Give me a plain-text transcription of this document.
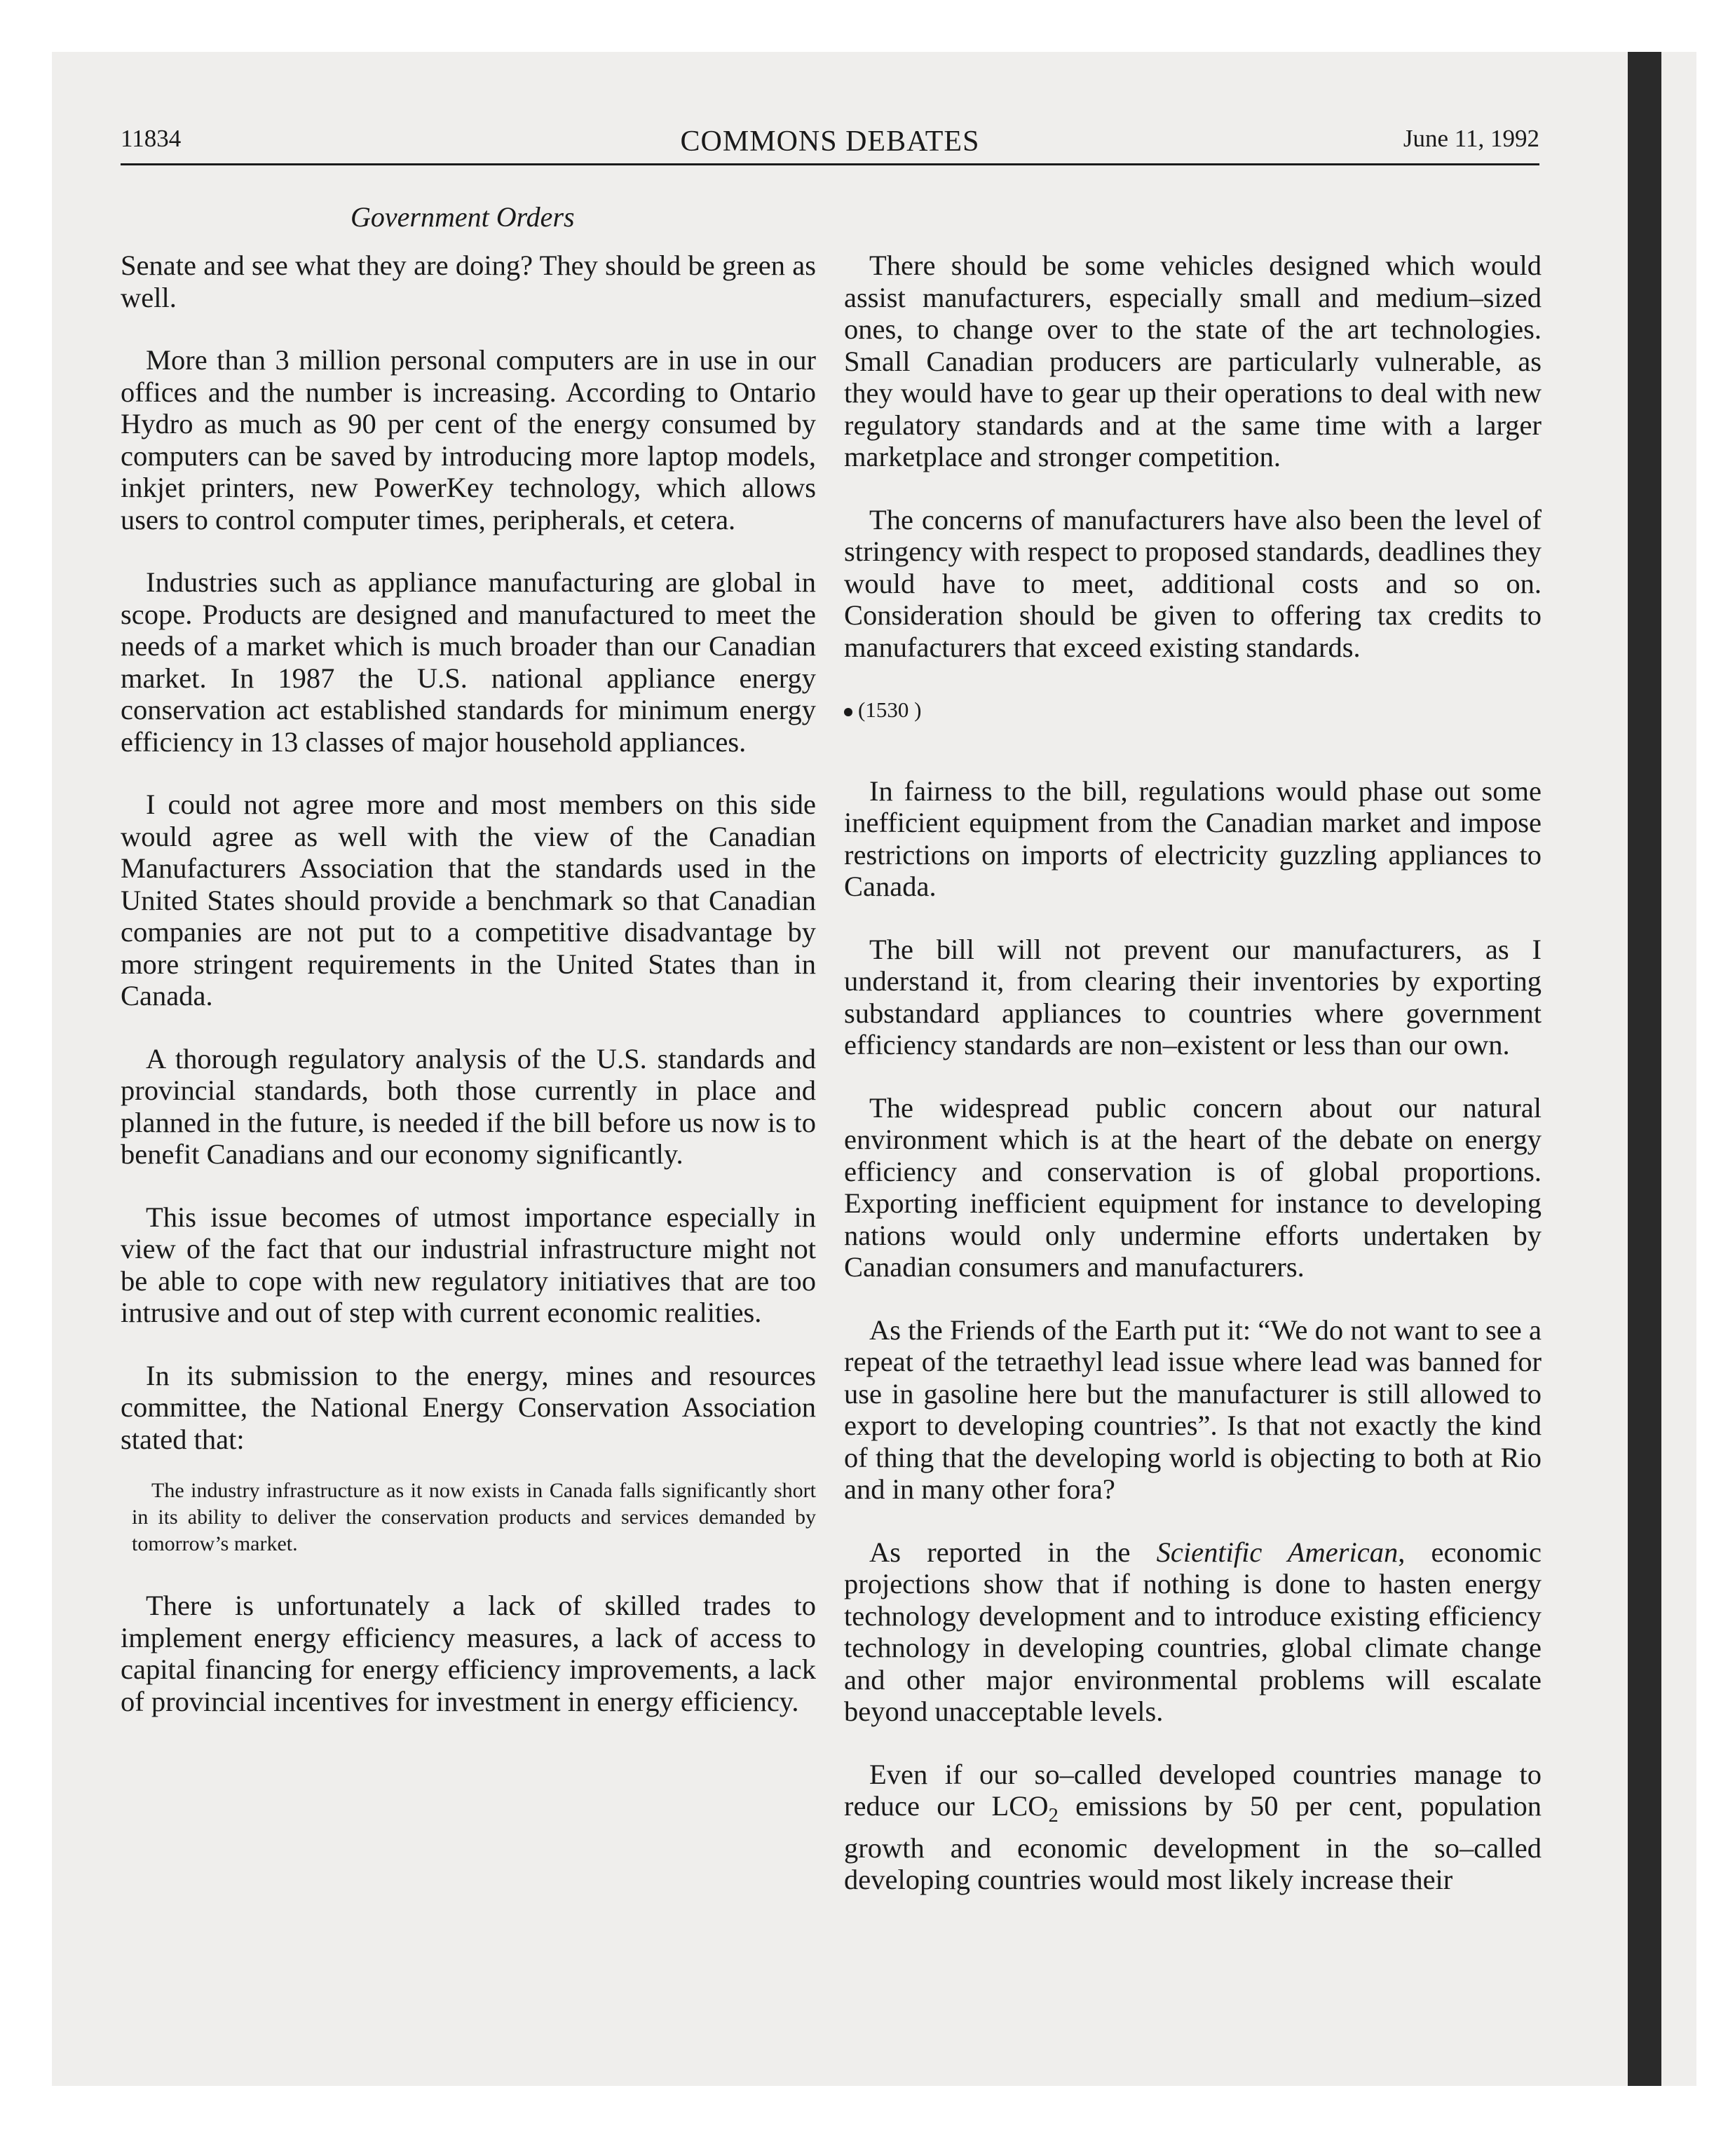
11834	COMMONS DEBATES	June 11, 1992
Government Orders

Senate and see what they are doing? They should be green as well.

More than 3 million personal computers are in use in our offices and the number is increasing. According to Ontario Hydro as much as 90 per cent of the energy consumed by computers can be saved by introducing more laptop models, inkjet printers, new PowerKey technology, which allows users to control computer times, peripherals, et cetera.

Industries such as appliance manufacturing are global in scope. Products are designed and manufactured to meet the needs of a market which is much broader than our Canadian market. In 1987 the U.S. national appliance energy conservation act established standards for minimum energy efficiency in 13 classes of major household appliances.

I could not agree more and most members on this side would agree as well with the view of the Canadian Manufacturers Association that the standards used in the United States should provide a benchmark so that Canadian companies are not put to a competitive disadvantage by more stringent requirements in the United States than in Canada.

A thorough regulatory analysis of the U.S. standards and provincial standards, both those currently in place and planned in the future, is needed if the bill before us now is to benefit Canadians and our economy significantly.

This issue becomes of utmost importance especially in view of the fact that our industrial infrastructure might not be able to cope with new regulatory initiatives that are too intrusive and out of step with current economic realities.

In its submission to the energy, mines and resources committee, the National Energy Conservation Association stated that:

The industry infrastructure as it now exists in Canada falls significantly short in its ability to deliver the conservation products and services demanded by tomorrow’s market.

There is unfortunately a lack of skilled trades to implement energy efficiency measures, a lack of access to capital financing for energy efficiency improvements, a lack of provincial incentives for investment in energy efficiency.

There should be some vehicles designed which would assist manufacturers, especially small and medium–sized ones, to change over to the state of the art technologies. Small Canadian producers are particularly vulnerable, as they would have to gear up their operations to deal with new regulatory standards and at the same time with a larger marketplace and stronger competition.

The concerns of manufacturers have also been the level of stringency with respect to proposed standards, deadlines they would have to meet, additional costs and so on. Consideration should be given to offering tax credits to manufacturers that exceed existing standards.

(1530 )

In fairness to the bill, regulations would phase out some inefficient equipment from the Canadian market and impose restrictions on imports of electricity guzzling appliances to Canada.

The bill will not prevent our manufacturers, as I understand it, from clearing their inventories by exporting substandard appliances to countries where government efficiency standards are non–existent or less than our own.

The widespread public concern about our natural environment which is at the heart of the debate on energy efficiency and conservation is of global proportions. Exporting inefficient equipment for instance to developing nations would only undermine efforts undertaken by Canadian consumers and manufacturers.

As the Friends of the Earth put it: “We do not want to see a repeat of the tetraethyl lead issue where lead was banned for use in gasoline here but the manufacturer is still allowed to export to developing countries”. Is that not exactly the kind of thing that the developing world is objecting to both at Rio and in many other fora?

As reported in the Scientific American, economic projections show that if nothing is done to hasten energy technology development and to introduce existing efficiency technology in developing countries, global climate change and other major environmental problems will escalate beyond unacceptable levels.

Even if our so–called developed countries manage to reduce our $LCO_2$ emissions by 50 per cent, population growth and economic development in the so–called developing countries would most likely increase their
